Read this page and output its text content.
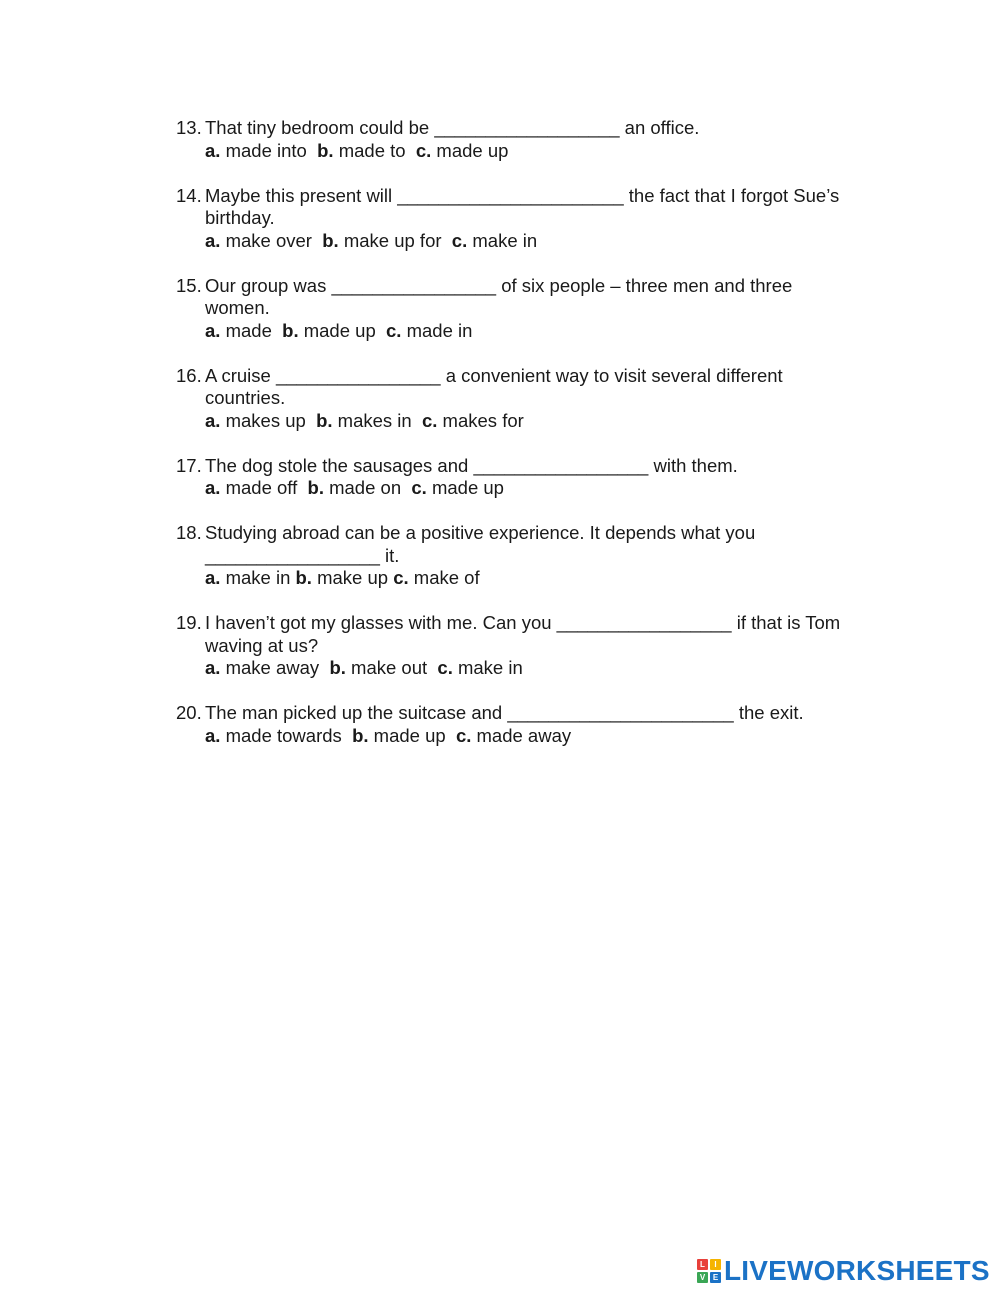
13. That tiny bedroom could be __________________ an office.
a. made into  b. made to  c. made up
14. Maybe this present will ______________________ the fact that I forgot Sue’s birthday.
a. make over  b. make up for  c. make in
15. Our group was ________________ of six people – three men and three women.
a. made  b. made up  c. made in
16. A cruise ________________ a convenient way to visit several different countries.
a. makes up  b. makes in  c. makes for
17. The dog stole the sausages and _________________ with them.
a. made off  b. made on  c. made up
18. Studying abroad can be a positive experience. It depends what you _________________ it.
a. make in b. make up c. make of
19. I haven’t got my glasses with me. Can you _________________ if that is Tom waving at us?
a. make away  b. make out  c. make in
20. The man picked up the suitcase and ______________________ the exit.
a. made towards  b. made up  c. made away
L	I
V E LIVEWORKSHEETS
